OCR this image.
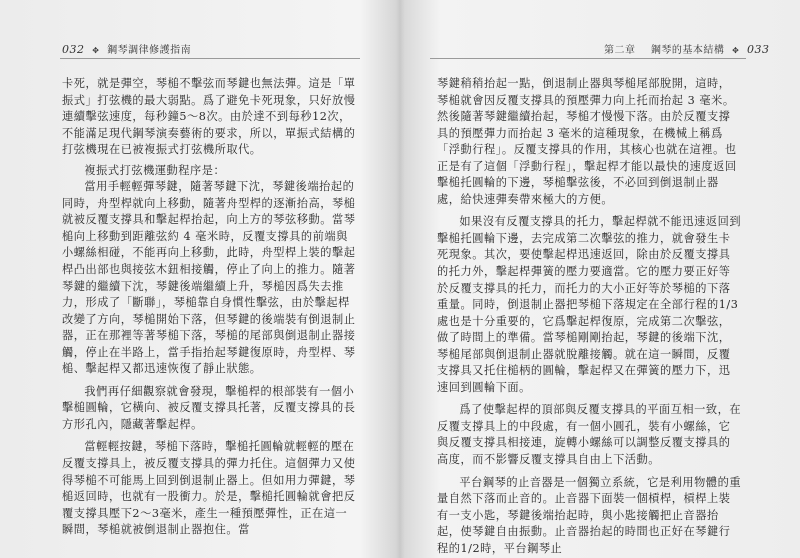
032 ✥ 鋼琴調律修護指南

卡死，就是彈空，琴槌不擊弦而琴鍵也無法彈。這是「單振式」打弦機的最大弱點。爲了避免卡死現象，只好放慢連續擊弦速度，每秒鐘5～8次。由於達不到每秒12次，不能滿足現代鋼琴演奏藝術的要求，所以，單振式結構的打弦機現在已被複振式打弦機所取代。

複振式打弦機運動程序是：

當用手輕輕彈琴鍵，隨著琴鍵下沈，琴鍵後端抬起的同時，舟型桿就向上移動，隨著舟型桿的逐漸抬高，琴槌就被反覆支撐具和擊起桿抬起，向上方的琴弦移動。當琴槌向上移動到距離弦約 4 毫米時，反覆支撐具的前端與小螺絲相碰，不能再向上移動，此時，舟型桿上裝的擊起桿凸出部也與接弦木鈕相接觸，停止了向上的推力。隨著琴鍵的繼續下沈，琴鍵後端繼續上升，琴槌因爲失去推力，形成了「斷聯」，琴槌靠自身慣性擊弦，由於擊起桿改變了方向，琴槌開始下落，但琴鍵的後端裝有倒退制止器，正在那裡等著琴槌下落，琴槌的尾部與倒退制止器接觸，停止在半路上，當手指抬起琴鍵復原時，舟型桿、琴槌、擊起桿又都迅速恢復了靜止狀態。

我們再仔細觀察就會發現，擊槌桿的根部裝有一個小擊槌圓輪，它橫向、被反覆支撐具托著，反覆支撐具的長方形孔內，隱藏著擊起桿。

當輕輕按鍵，琴槌下落時，擊槌托圓輪就輕輕的壓在反覆支撐具上，被反覆支撐具的彈力托住。這個彈力又使得琴槌不可能馬上回到倒退制止器上。但如用力彈鍵，琴槌返回時，也就有一股衝力。於是，擊槌托圓輪就會把反覆支撐具壓下2～3毫米，產生一種預壓彈性，正在這一瞬間，琴槌就被倒退制止器抱住。當

第二章 鋼琴的基本結構 ✥ 033

琴鍵稍稍抬起一點，倒退制止器與琴槌尾部脫開，這時，琴槌就會因反覆支撐具的預壓彈力向上托而抬起 3 毫米。然後隨著琴鍵繼續抬起，琴槌才慢慢下落。由於反覆支撐具的預壓彈力而抬起 3 毫米的這種現象，在機械上稱爲「浮動行程」。反覆支撐具的作用，其核心也就在這裡。也正是有了這個「浮動行程」，擊起桿才能以最快的速度返回擊槌托圓輪的下邊，琴槌擊弦後，不必回到倒退制止器處，給快速彈奏帶來極大的方便。

如果沒有反覆支撐具的托力，擊起桿就不能迅速返回到擊槌托圓輪下邊，去完成第二次擊弦的推力，就會發生卡死現象。其次，要使擊起桿迅速返回，除由於反覆支撐具的托力外，擊起桿彈簧的壓力要適當。它的壓力要正好等於反覆支撐具的托力，而托力的大小正好等於琴槌的下落重量。同時，倒退制止器把琴槌下落規定在全部行程的1/3處也是十分重要的，它爲擊起桿復原，完成第二次擊弦，做了時間上的準備。當琴槌剛剛抬起，琴鍵的後端下沈，琴槌尾部與倒退制止器就脫離接觸。就在這一瞬間，反覆支撐具又托住槌柄的圓輪，擊起桿又在彈簧的壓力下，迅速回到圓輪下面。

爲了使擊起桿的頂部與反覆支撐具的平面互相一致，在反覆支撐具上的中段處，有一個小圓孔，裝有小螺絲，它與反覆支撐具相接連，旋轉小螺絲可以調整反覆支撐具的高度，而不影響反覆支撐具自由上下活動。

平台鋼琴的止音器是一個獨立系統，它是利用物體的重量自然下落而止音的。止音器下面裝一個槓桿，槓桿上裝有一支小匙，琴鍵後端抬起時，與小匙接觸把止音器抬起，使琴鍵自由振動。止音器抬起的時間也正好在琴鍵行程的1/2時，平台鋼琴止
